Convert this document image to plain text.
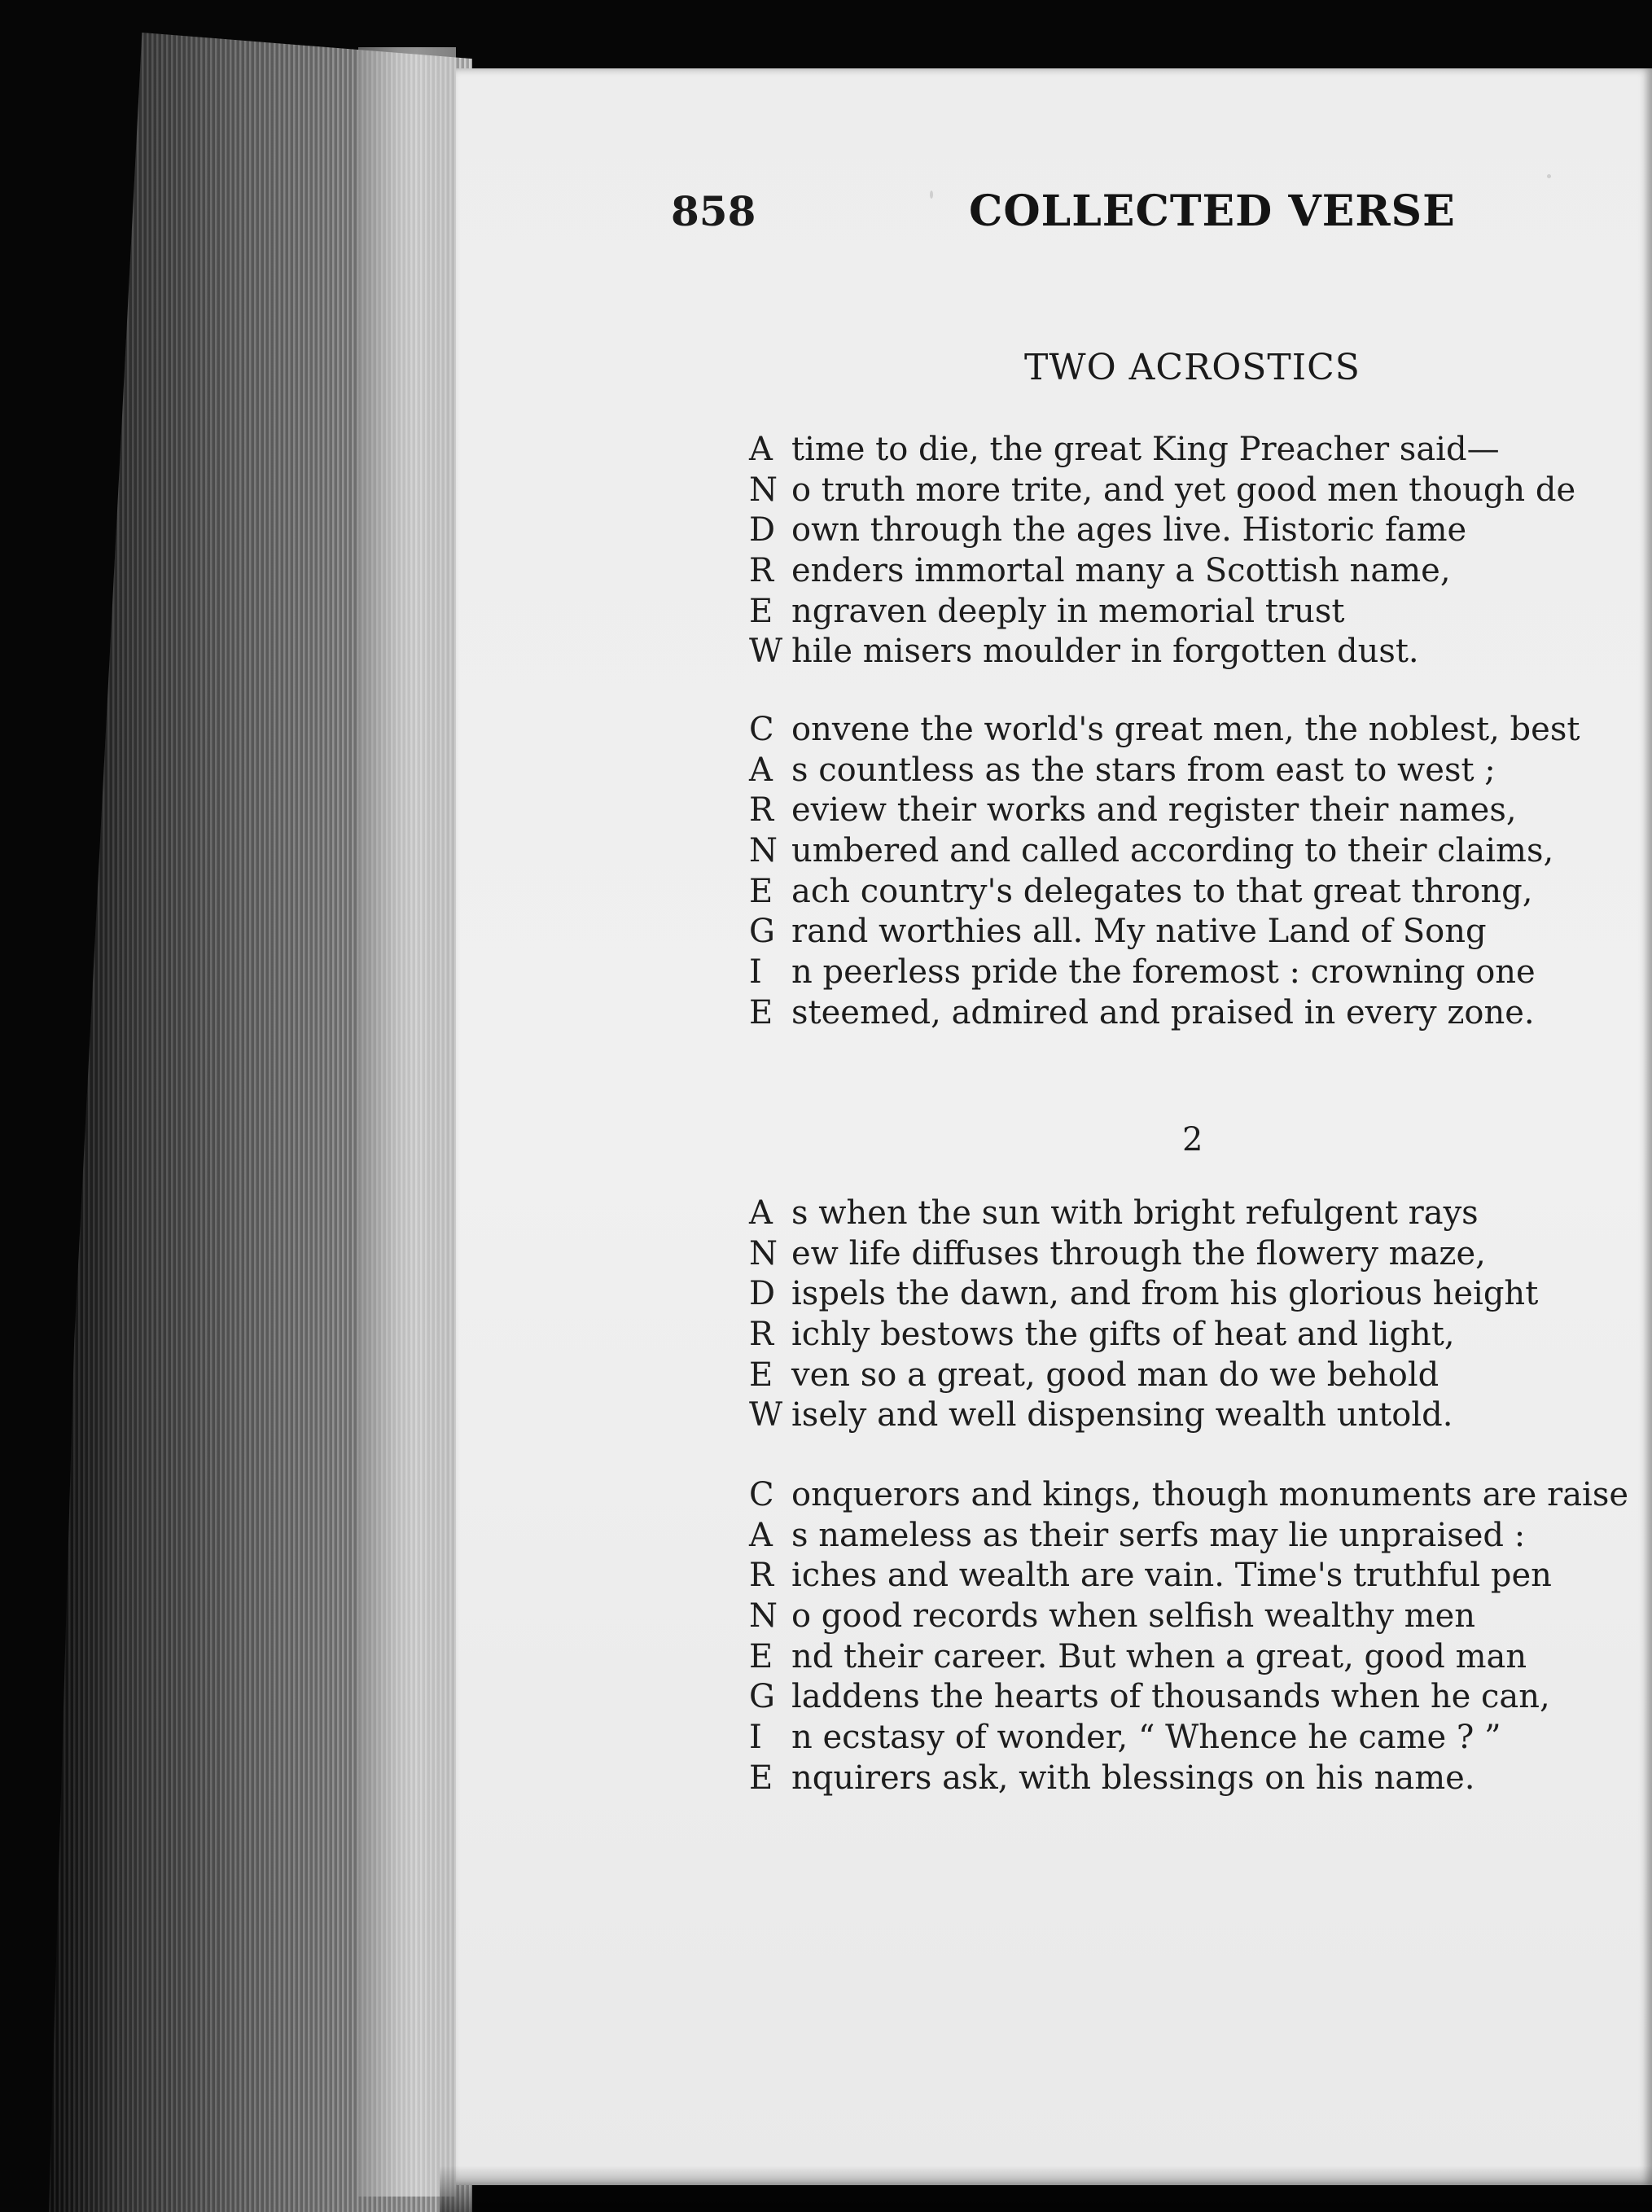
858	COLLECTED VERSE
TWO ACROSTICS
A time to die, the great King Preacher said—
N o truth more trite, and yet good men though de
D own through the ages live. Historic fame
R enders immortal many a Scottish name,
E ngraven deeply in memorial trust
W hile misers moulder in forgotten dust.
C onvene the world's great men, the noblest, best
A s countless as the stars from east to west ;
R eview their works and register their names,
N umbered and called according to their claims,
E ach country's delegates to that great throng,
G rand worthies all. My native Land of Song
I n peerless pride the foremost : crowning one
E steemed, admired and praised in every zone.
2
A s when the sun with bright refulgent rays
N ew life diffuses through the flowery maze,
D ispels the dawn, and from his glorious height
R ichly bestows the gifts of heat and light,
E ven so a great, good man do we behold
W isely and well dispensing wealth untold.
C onquerors and kings, though monuments are raise
A s nameless as their serfs may lie unpraised :
R iches and wealth are vain. Time's truthful pen
N o good records when selfish wealthy men
E nd their career. But when a great, good man
G laddens the hearts of thousands when he can,
I n ecstasy of wonder, “ Whence he came ? ”
E nquirers ask, with blessings on his name.
